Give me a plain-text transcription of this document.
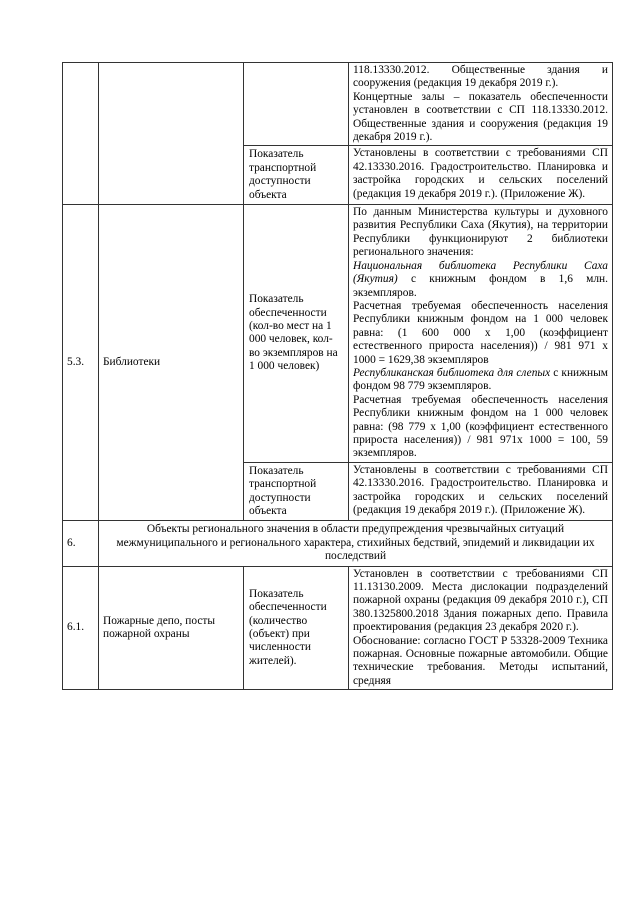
			118.13330.2012. Общественные здания и сооружения (редакция 19 декабря 2019 г.).

Концертные залы – показатель обеспеченности установлен в соответствии с СП 118.13330.2012. Общественные здания и сооружения (редакция 19 декабря 2019 г.).

		Показатель транспортной доступности объекта	Установлены в соответствии с требованиями СП 42.13330.2016. Градостроительство. Планировка и застройка городских и сельских поселений (редакция 19 декабря 2019 г.). (Приложение Ж).

5.3.	Библиотеки	Показатель обеспеченности (кол-во мест на 1 000 человек, кол-во экземпляров на 1 000 человек)	По данным Министерства культуры и духовного развития Республики Саха (Якутия), на территории Республики функционируют 2 библиотеки регионального значения:

Национальная библиотека Республики Саха (Якутия) с книжным фондом в 1,6 млн. экземпляров.

Расчетная требуемая обеспеченность населения Республики книжным фондом на 1 000 человек равна: (1 600 000 х 1,00 (коэффициент естественного прироста населения)) / 981 971 х 1000 = 1629,38 экземпляров

Республиканская библиотека для слепых с книжным фондом 98 779 экземпляров.

Расчетная требуемая обеспеченность населения Республики книжным фондом на 1 000 человек равна: (98 779 х 1,00 (коэффициент естественного прироста населения)) / 981 971х 1000 = 100, 59 экземпляров.

		Показатель транспортной доступности объекта	Установлены в соответствии с требованиями СП 42.13330.2016. Градостроительство. Планировка и застройка городских и сельских поселений (редакция 19 декабря 2019 г.). (Приложение Ж).

6.	Объекты регионального значения в области предупреждения чрезвычайных ситуаций межмуниципального и регионального характера, стихийных бедствий, эпидемий и ликвидации их последствий		
6.1.	Пожарные депо, посты пожарной охраны	Показатель обеспеченности (количество (объект) при численности жителей).	Установлен в соответствии с требованиями СП 11.13130.2009. Места дислокации подразделений пожарной охраны (редакция 09 декабря 2010 г.), СП 380.1325800.2018 Здания пожарных депо. Правила проектирования (редакция 23 декабря 2020 г.).

Обоснование: согласно ГОСТ Р 53328-2009 Техника пожарная. Основные пожарные автомобили. Общие технические требования. Методы испытаний, средняя
